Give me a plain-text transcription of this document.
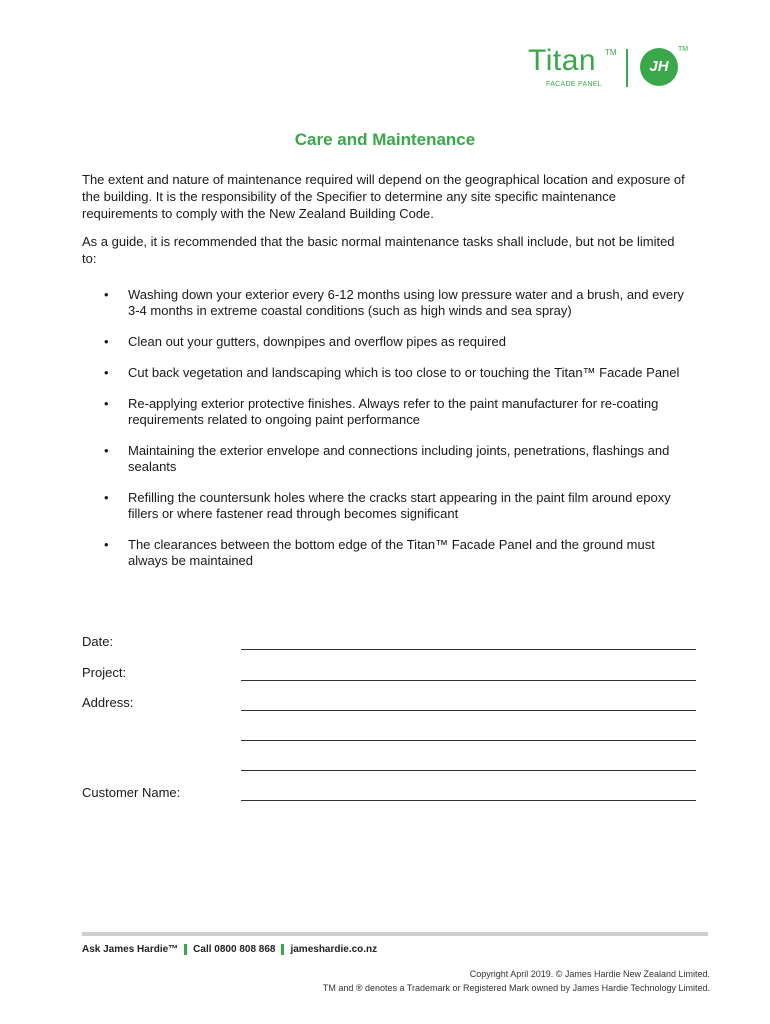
Titan TM
FACADE PANEL
JH
TM
Care and Maintenance

The extent and nature of maintenance required will depend on the geographical location and exposure of the building. It is the responsibility of the Specifier to determine any site specific maintenance requirements to comply with the New Zealand Building Code.

As a guide, it is recommended that the basic normal maintenance tasks shall include, but not be limited to:

• Washing down your exterior every 6-12 months using low pressure water and a brush, and every 3-4 months in extreme coastal conditions (such as high winds and sea spray)
• Clean out your gutters, downpipes and overflow pipes as required
• Cut back vegetation and landscaping which is too close to or touching the Titan™ Facade Panel
• Re-applying exterior protective finishes. Always refer to the paint manufacturer for re-coating requirements related to ongoing paint performance
• Maintaining the exterior envelope and connections including joints, penetrations, flashings and sealants
• Refilling the countersunk holes where the cracks start appearing in the paint film around epoxy fillers or where fastener read through becomes significant
• The clearances between the bottom edge of the Titan™ Facade Panel and the ground must always be maintained
Date:
Project:
Address:
Customer Name:
Ask James Hardie™ Call 0800 808 868 jameshardie.co.nz
Copyright April 2019. © James Hardie New Zealand Limited.
TM and ® denotes a Trademark or Registered Mark owned by James Hardie Technology Limited.
